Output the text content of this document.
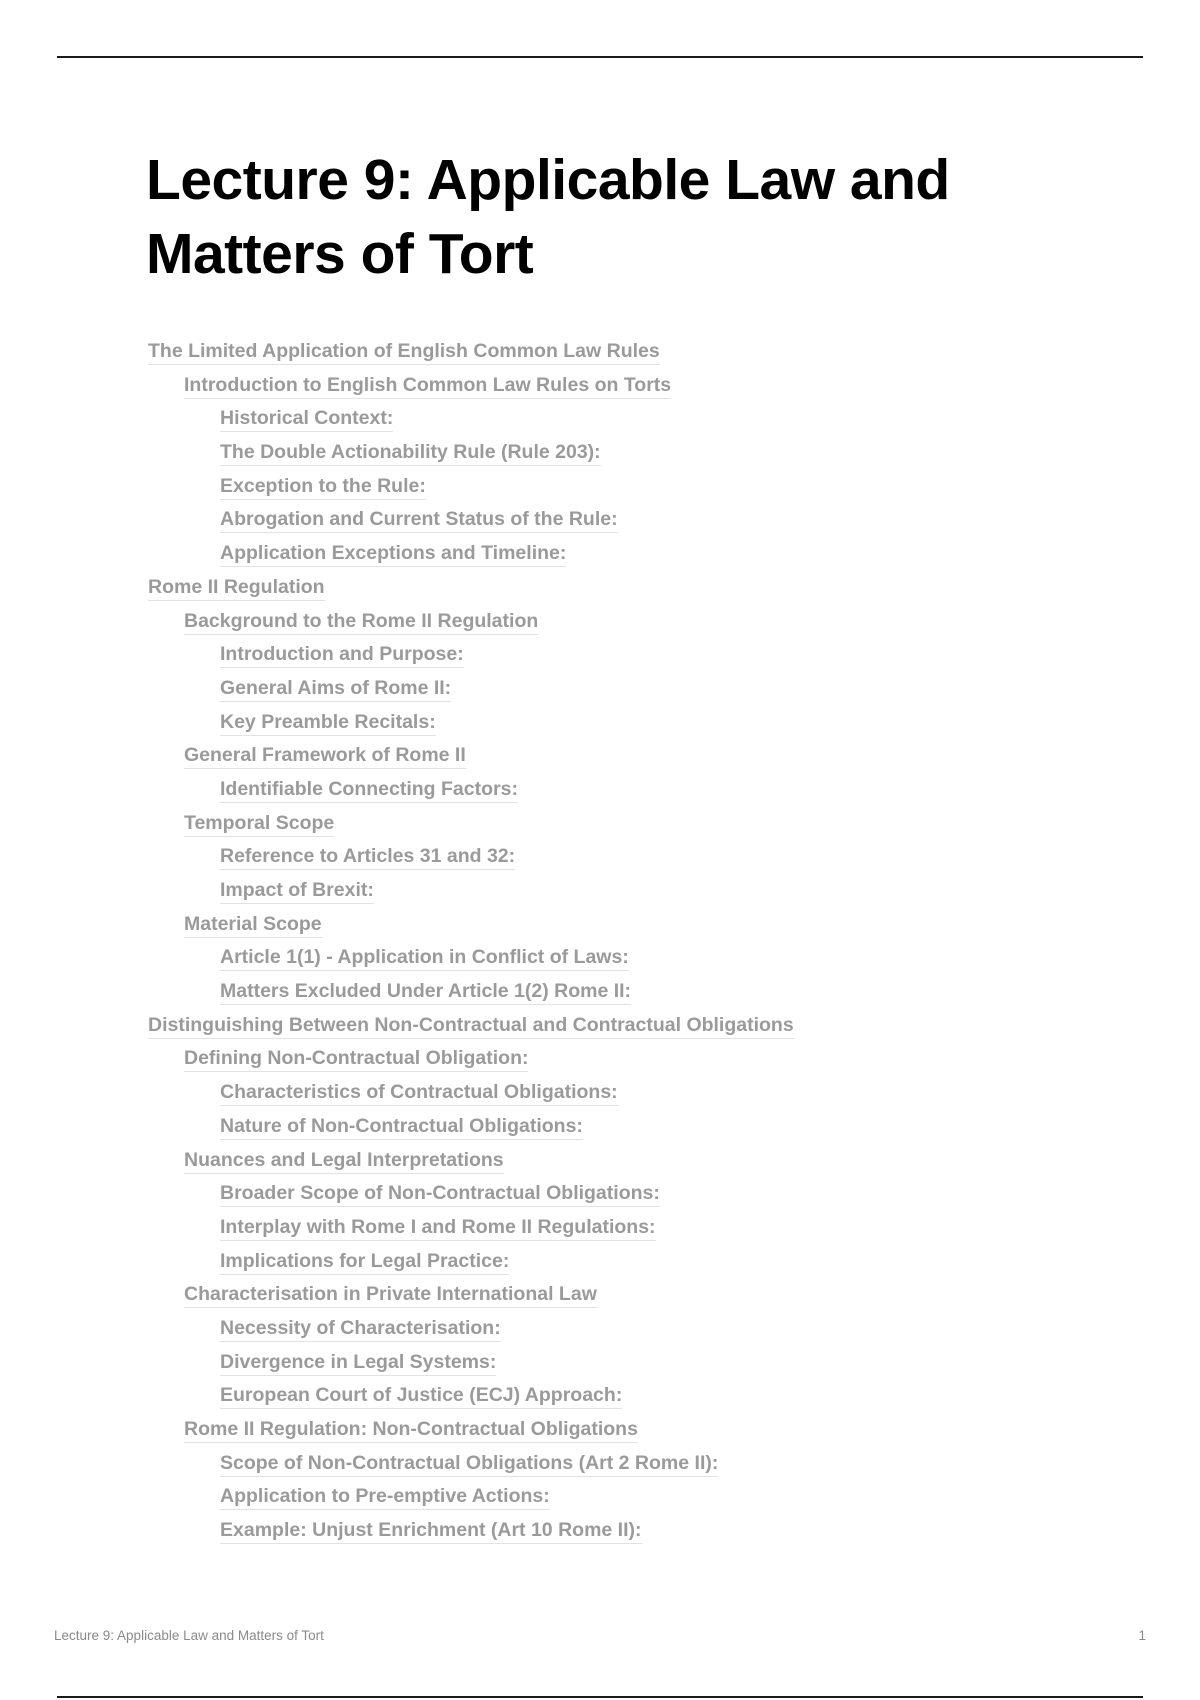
Lecture 9: Applicable Law and Matters of Tort
The Limited Application of English Common Law Rules
Introduction to English Common Law Rules on Torts
Historical Context:
The Double Actionability Rule (Rule 203):
Exception to the Rule:
Abrogation and Current Status of the Rule:
Application Exceptions and Timeline:
Rome II Regulation
Background to the Rome II Regulation
Introduction and Purpose:
General Aims of Rome II:
Key Preamble Recitals:
General Framework of Rome II
Identifiable Connecting Factors:
Temporal Scope
Reference to Articles 31 and 32:
Impact of Brexit:
Material Scope
Article 1(1) - Application in Conflict of Laws:
Matters Excluded Under Article 1(2) Rome II:
Distinguishing Between Non-Contractual and Contractual Obligations
Defining Non-Contractual Obligation:
Characteristics of Contractual Obligations:
Nature of Non-Contractual Obligations:
Nuances and Legal Interpretations
Broader Scope of Non-Contractual Obligations:
Interplay with Rome I and Rome II Regulations:
Implications for Legal Practice:
Characterisation in Private International Law
Necessity of Characterisation:
Divergence in Legal Systems:
European Court of Justice (ECJ) Approach:
Rome II Regulation: Non-Contractual Obligations
Scope of Non-Contractual Obligations (Art 2 Rome II):
Application to Pre-emptive Actions:
Example: Unjust Enrichment (Art 10 Rome II):
Lecture 9: Applicable Law and Matters of Tort	1
